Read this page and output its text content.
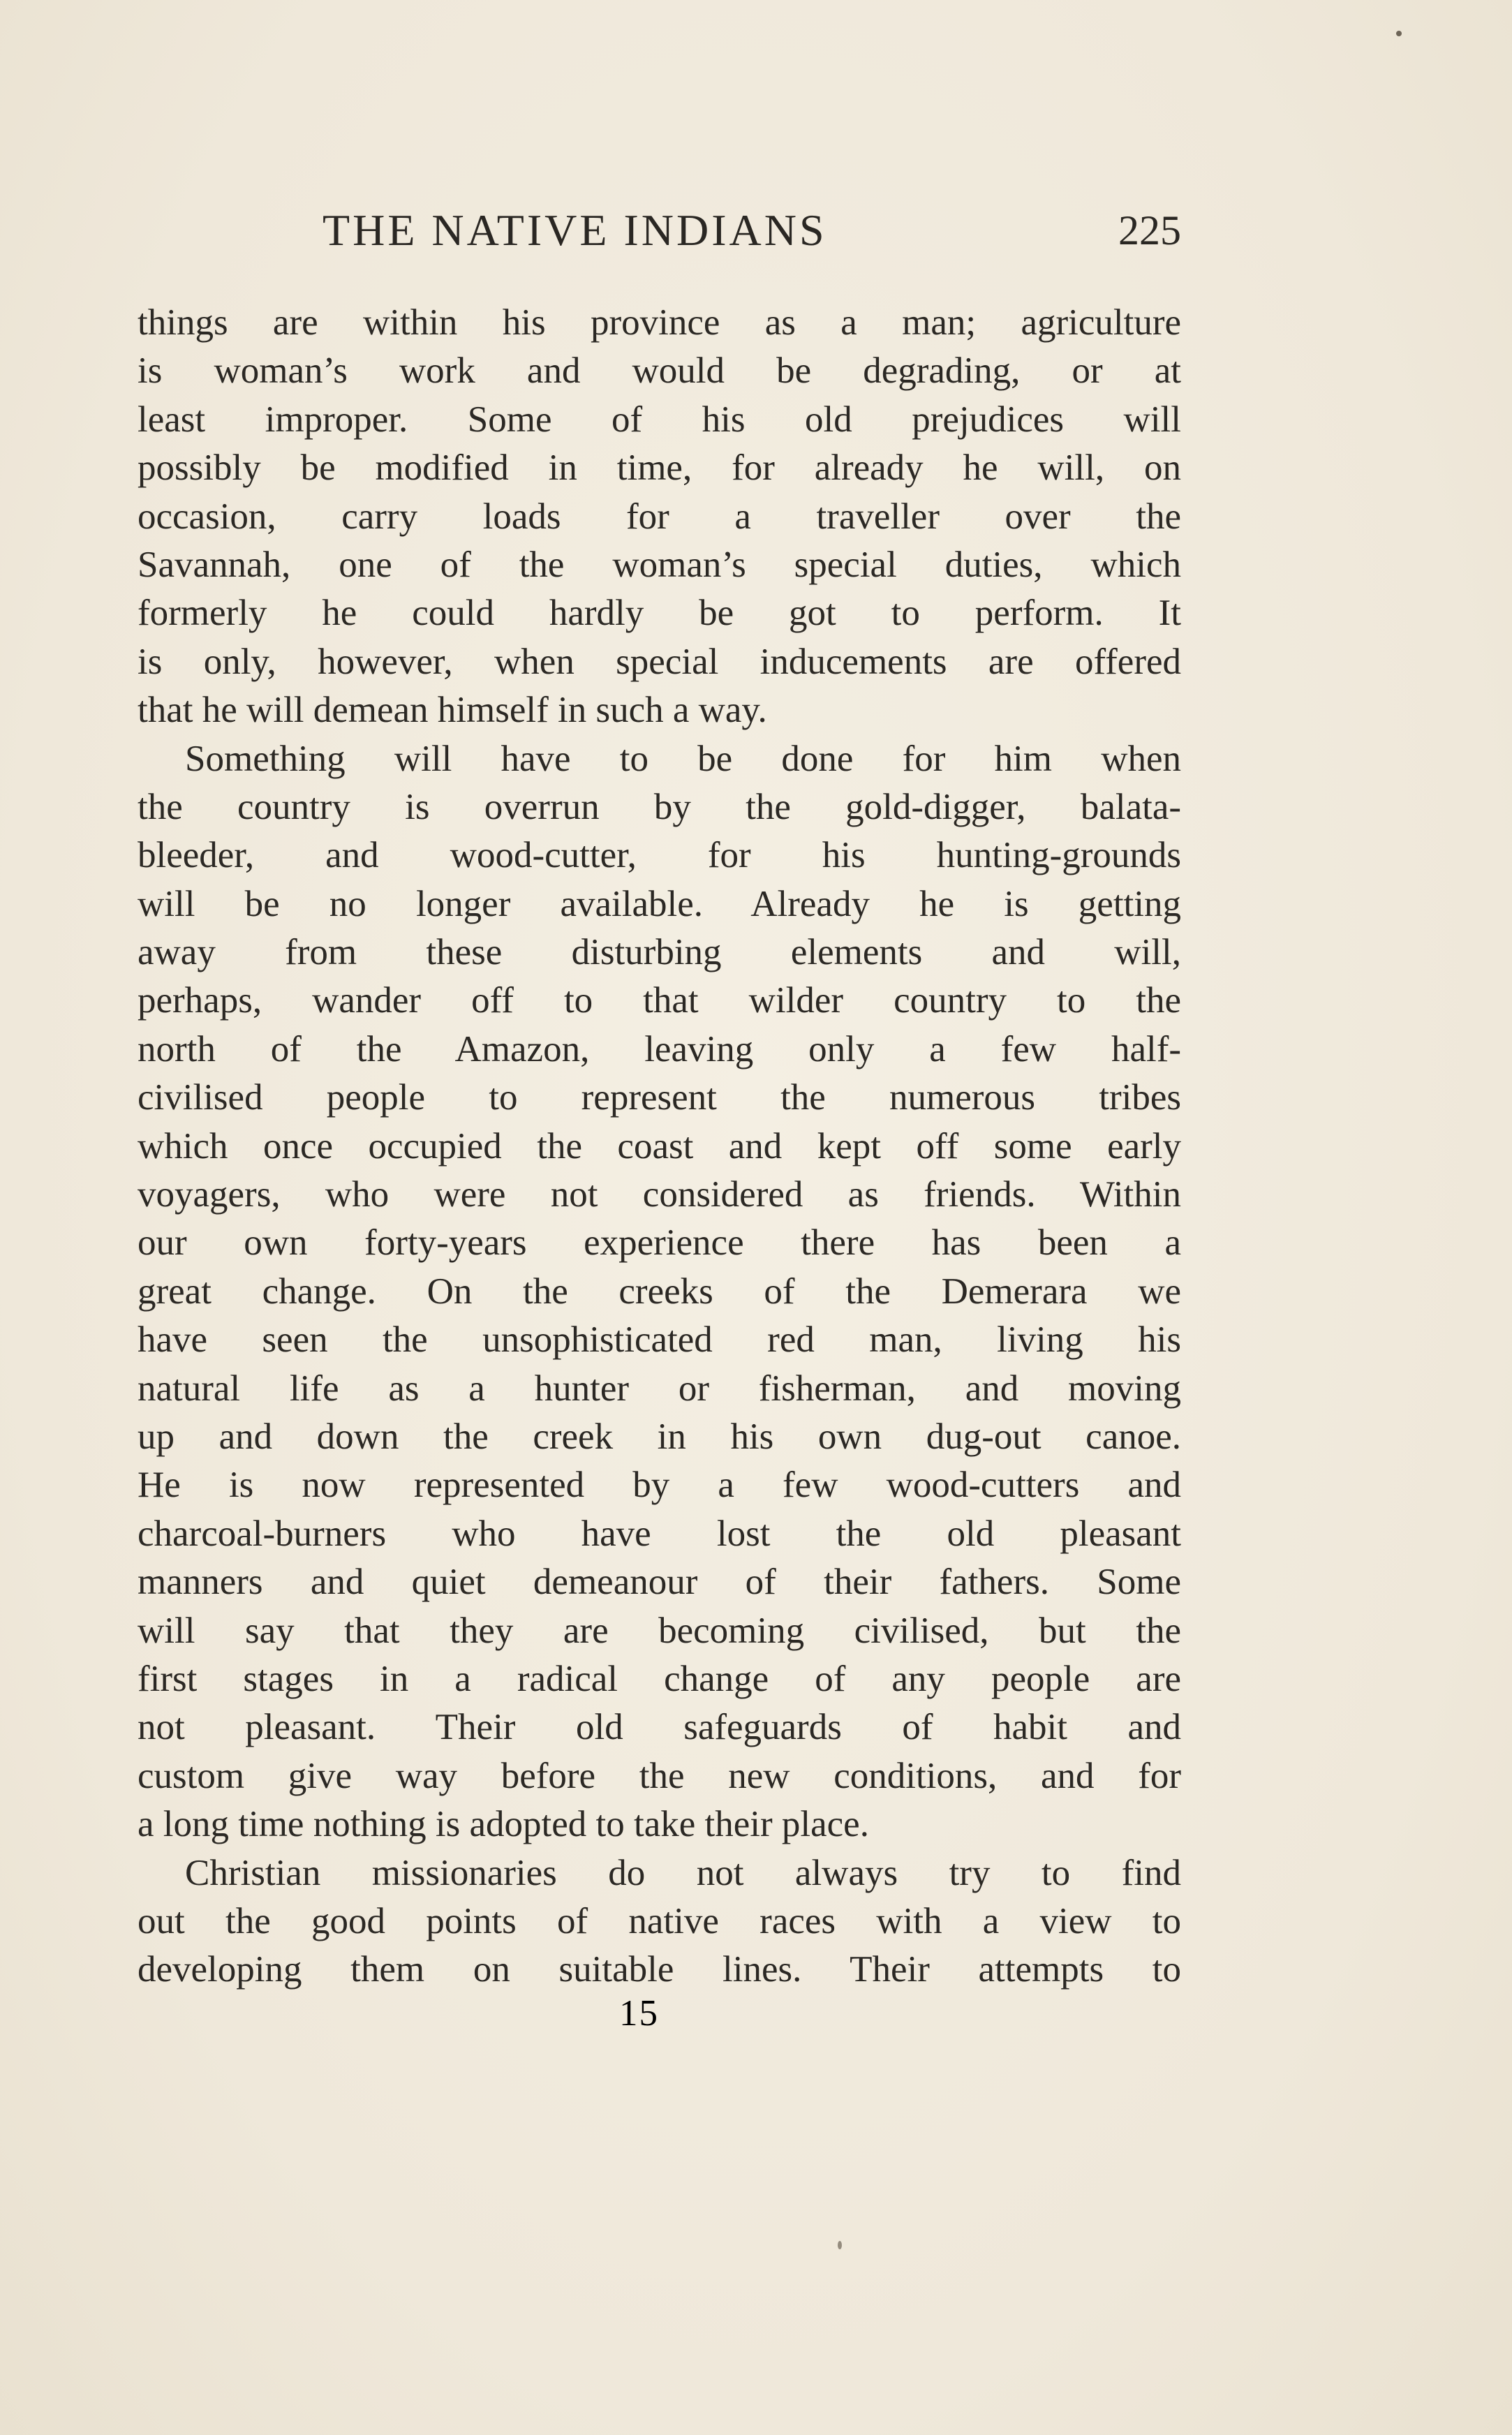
THE NATIVE INDIANS	225
things are within his province as a man; agriculture
is woman’s work and would be degrading, or at
least improper. Some of his old prejudices will
possibly be modified in time, for already he will, on
occasion, carry loads for a traveller over the
Savannah, one of the woman’s special duties, which
formerly he could hardly be got to perform. It
is only, however, when special inducements are offered
that he will demean himself in such a way.
Something will have to be done for him when
the country is overrun by the gold-digger, balata-
bleeder, and wood-cutter, for his hunting-grounds
will be no longer available. Already he is getting
away from these disturbing elements and will,
perhaps, wander off to that wilder country to the
north of the Amazon, leaving only a few half-
civilised people to represent the numerous tribes
which once occupied the coast and kept off some early
voyagers, who were not considered as friends. Within
our own forty-years experience there has been a
great change. On the creeks of the Demerara we
have seen the unsophisticated red man, living his
natural life as a hunter or fisherman, and moving
up and down the creek in his own dug-out canoe.
He is now represented by a few wood-cutters and
charcoal-burners who have lost the old pleasant
manners and quiet demeanour of their fathers. Some
will say that they are becoming civilised, but the
first stages in a radical change of any people are
not pleasant. Their old safeguards of habit and
custom give way before the new conditions, and for
a long time nothing is adopted to take their place.
Christian missionaries do not always try to find
out the good points of native races with a view to
developing them on suitable lines. Their attempts to
15
